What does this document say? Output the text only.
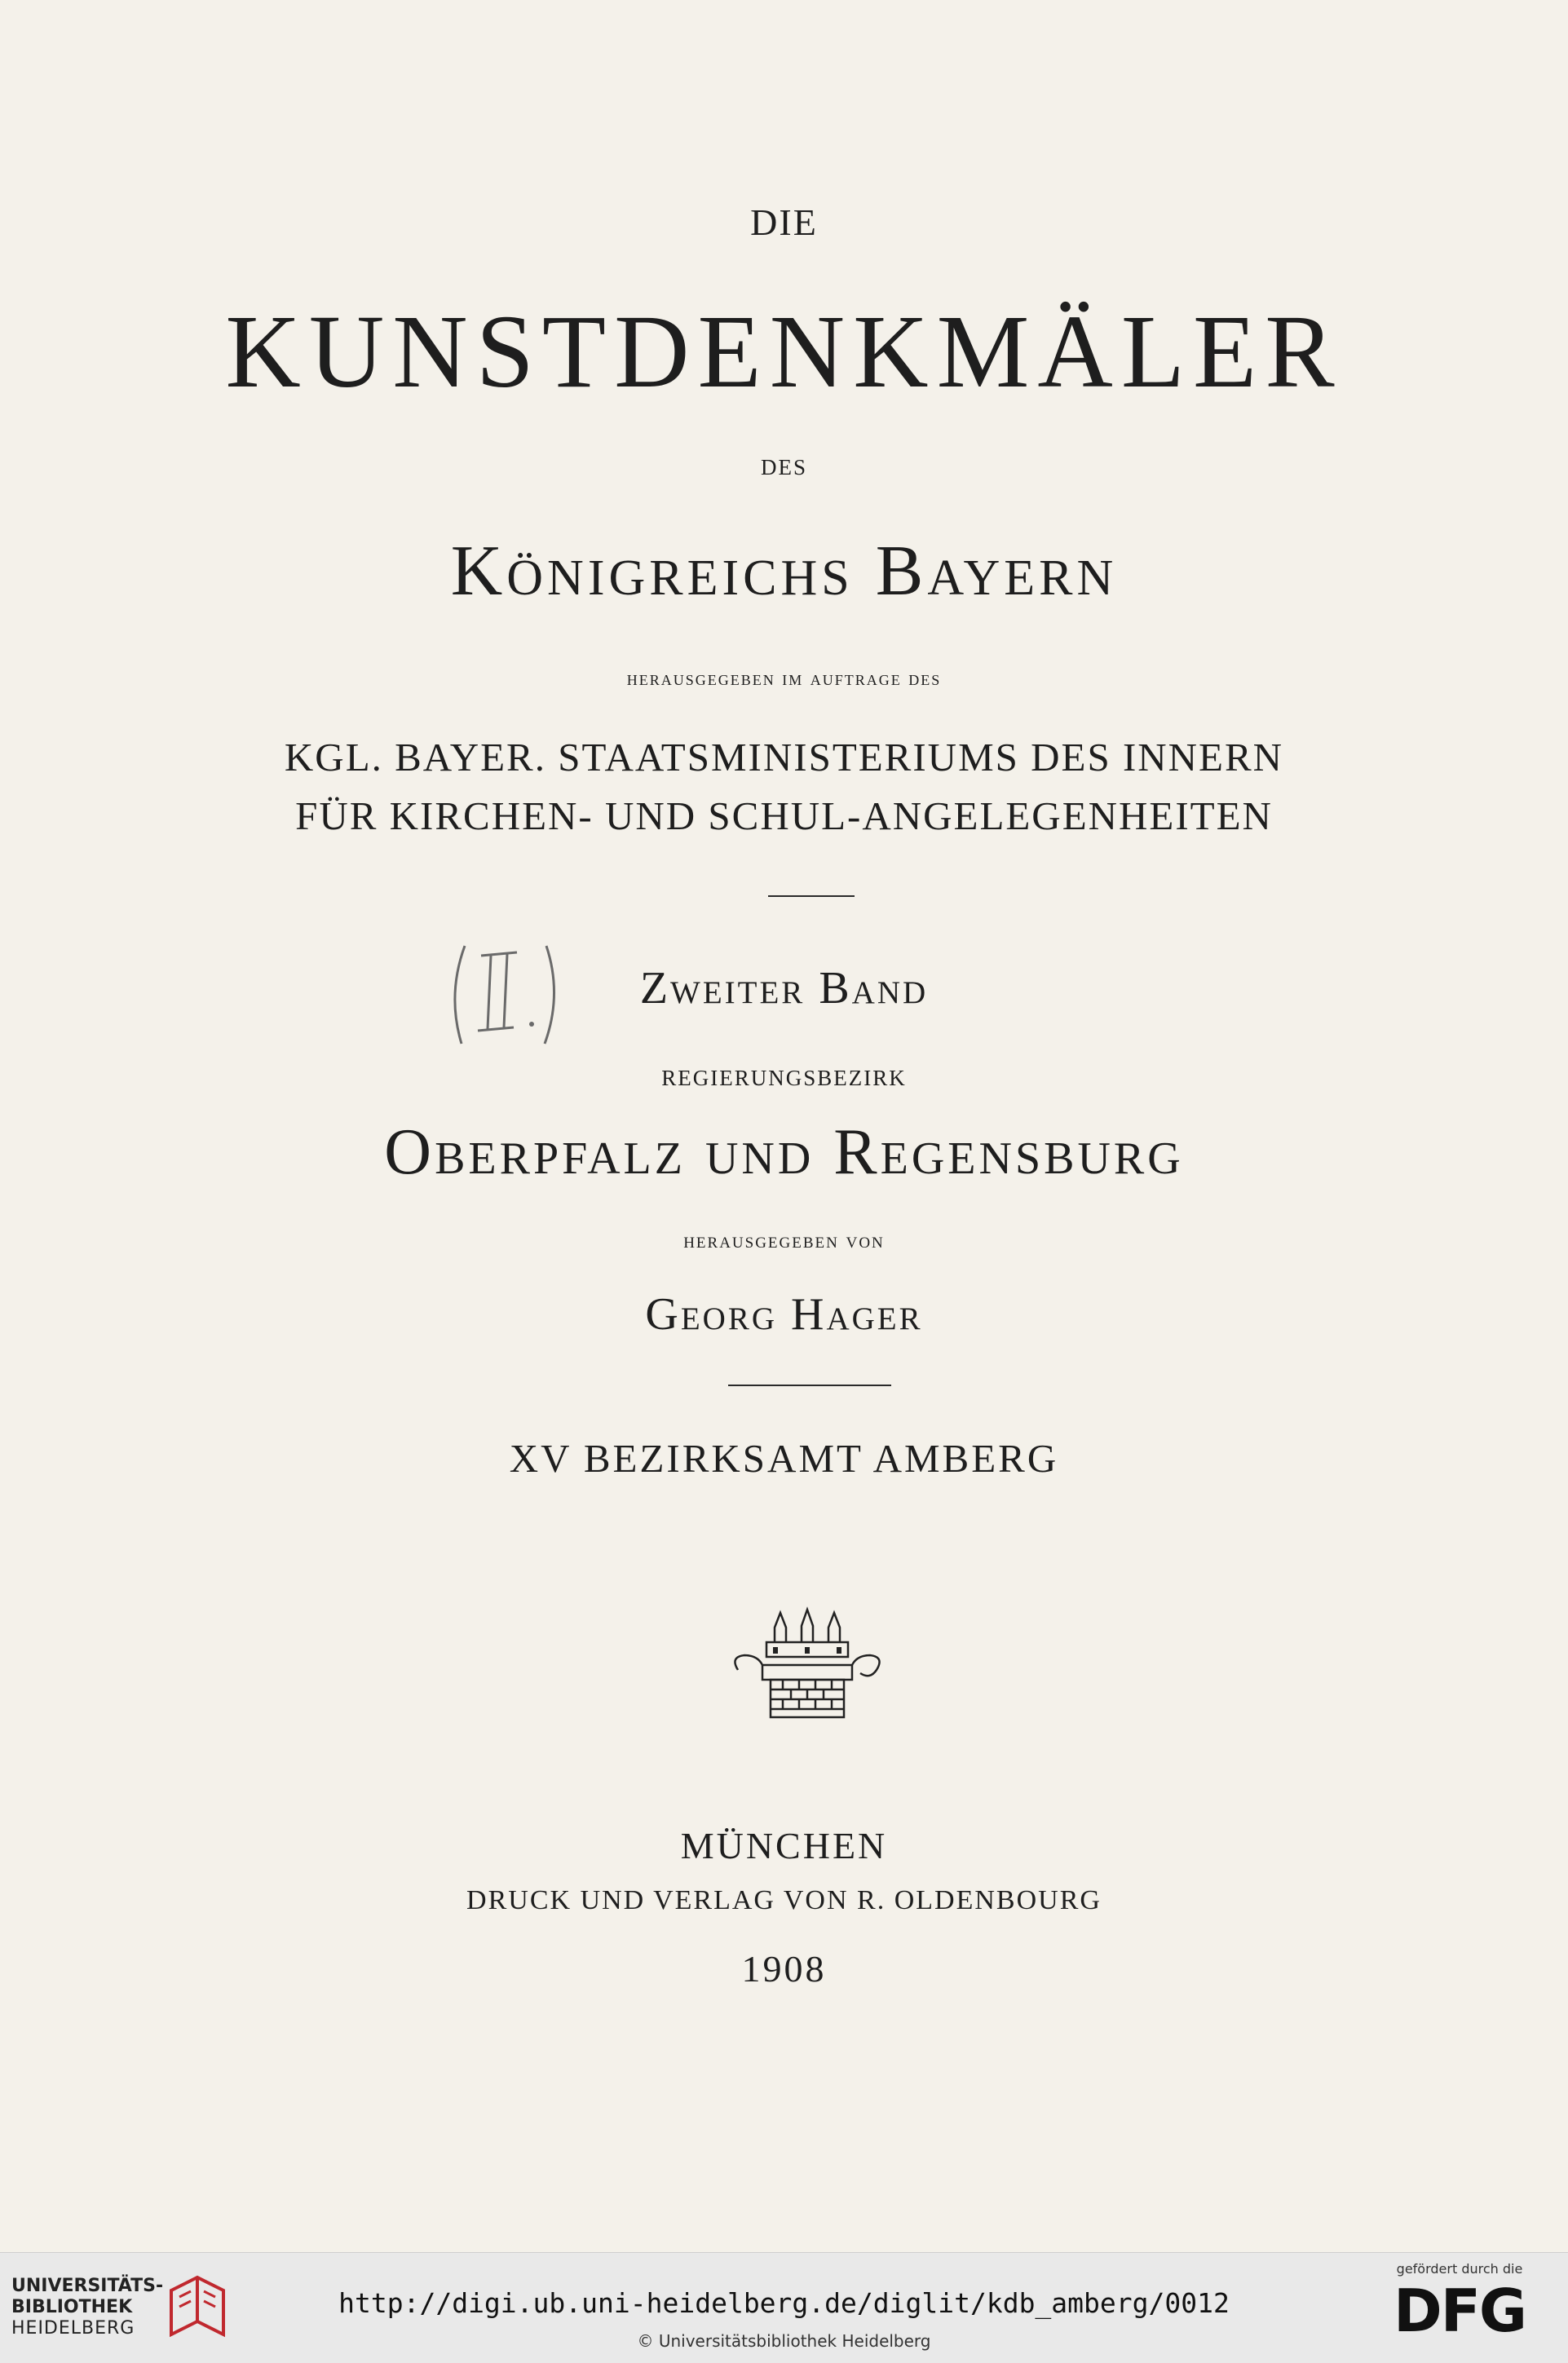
DIE
KUNSTDENKMÄLER
DES
Königreichs Bayern
herausgegeben im auftrage des
KGL. BAYER. STAATSMINISTERIUMS DES INNERN
FÜR KIRCHEN- UND SCHUL-ANGELEGENHEITEN
Zweiter Band
regierungsbezirk
Oberpfalz und Regensburg
herausgegeben von
Georg Hager
XV BEZIRKSAMT AMBERG
MÜNCHEN
DRUCK UND VERLAG VON R. OLDENBOURG
1908
UNIVERSITÄTS-
BIBLIOTHEK
HEIDELBERG
http://digi.ub.uni-heidelberg.de/diglit/kdb_amberg/0012
© Universitätsbibliothek Heidelberg
gefördert durch die
DFG
